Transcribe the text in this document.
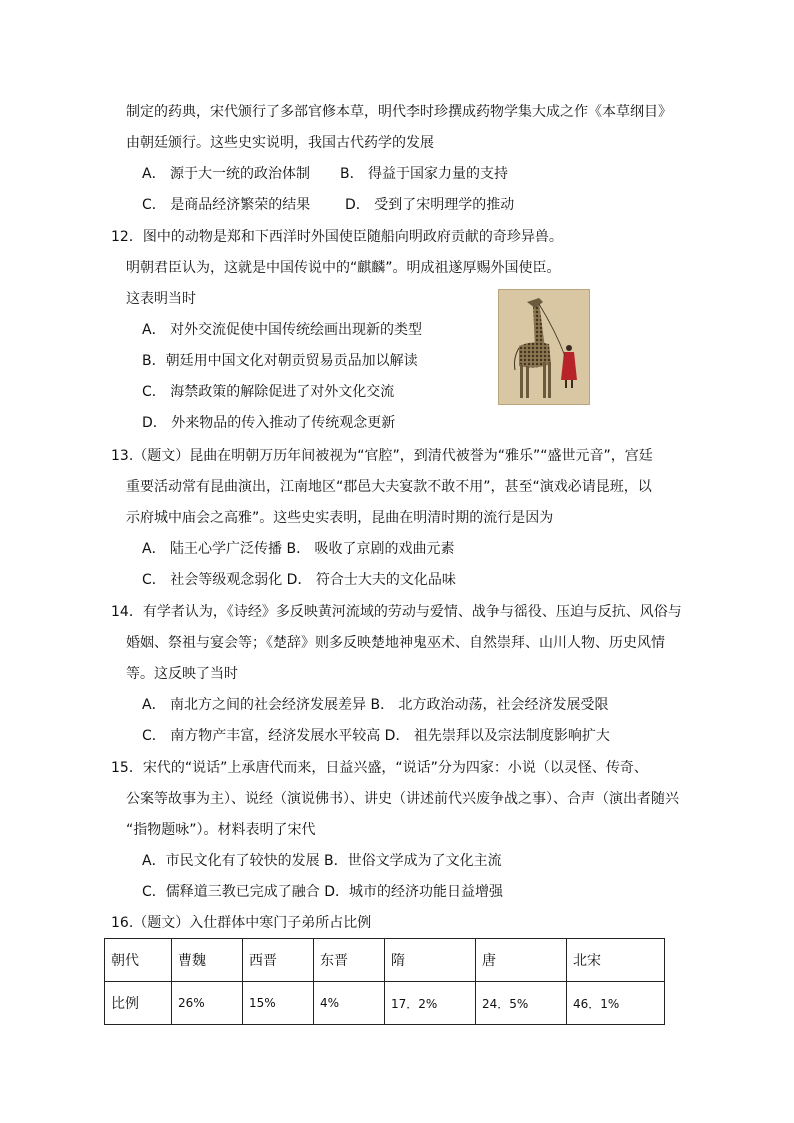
制定的药典，宋代颁行了多部官修本草，明代李时珍撰成药物学集大成之作《本草纲目》
由朝廷颁行。这些史实说明，我国古代药学的发展
A． 源于大一统的政治体制 B． 得益于国家力量的支持
C． 是商品经济繁荣的结果 D． 受到了宋明理学的推动
12．图中的动物是郑和下西洋时外国使臣随船向明政府贡献的奇珍异兽。
明朝君臣认为，这就是中国传说中的“麒麟”。明成祖遂厚赐外国使臣。
这表明当时
A． 对外交流促使中国传统绘画出现新的类型
B．朝廷用中国文化对朝贡贸易贡品加以解读
C． 海禁政策的解除促进了对外文化交流
D． 外来物品的传入推动了传统观念更新
13.（题文）昆曲在明朝万历年间被视为“官腔”，到清代被誉为“雅乐”“盛世元音”，宫廷
重要活动常有昆曲演出，江南地区“郡邑大夫宴款不敢不用”，甚至“演戏必请昆班，以
示府城中庙会之高雅”。这些史实表明，昆曲在明清时期的流行是因为
A． 陆王心学广泛传播 B． 吸收了京剧的戏曲元素
C． 社会等级观念弱化 D． 符合士大夫的文化品味
14．有学者认为，《诗经》多反映黄河流域的劳动与爱情、战争与徭役、压迫与反抗、风俗与
婚姻、祭祖与宴会等；《楚辞》则多反映楚地神鬼巫术、自然崇拜、山川人物、历史风情
等。这反映了当时
A． 南北方之间的社会经济发展差异 B． 北方政治动荡，社会经济发展受限
C． 南方物产丰富，经济发展水平较高 D． 祖先崇拜以及宗法制度影响扩大
15．宋代的“说话”上承唐代而来，日益兴盛，“说话”分为四家：小说（以灵怪、传奇、
公案等故事为主）、说经（演说佛书）、讲史（讲述前代兴废争战之事）、合声（演出者随兴
“指物题咏”）。材料表明了宋代
A．市民文化有了较快的发展 B．世俗文学成为了文化主流
C．儒释道三教已完成了融合 D．城市的经济功能日益增强
16.（题文）入仕群体中寒门子弟所占比例
朝代	曹魏	西晋	东晋	隋	唐	北宋
比例	26%	15%	4%	17．2%	24．5%	46．1%
